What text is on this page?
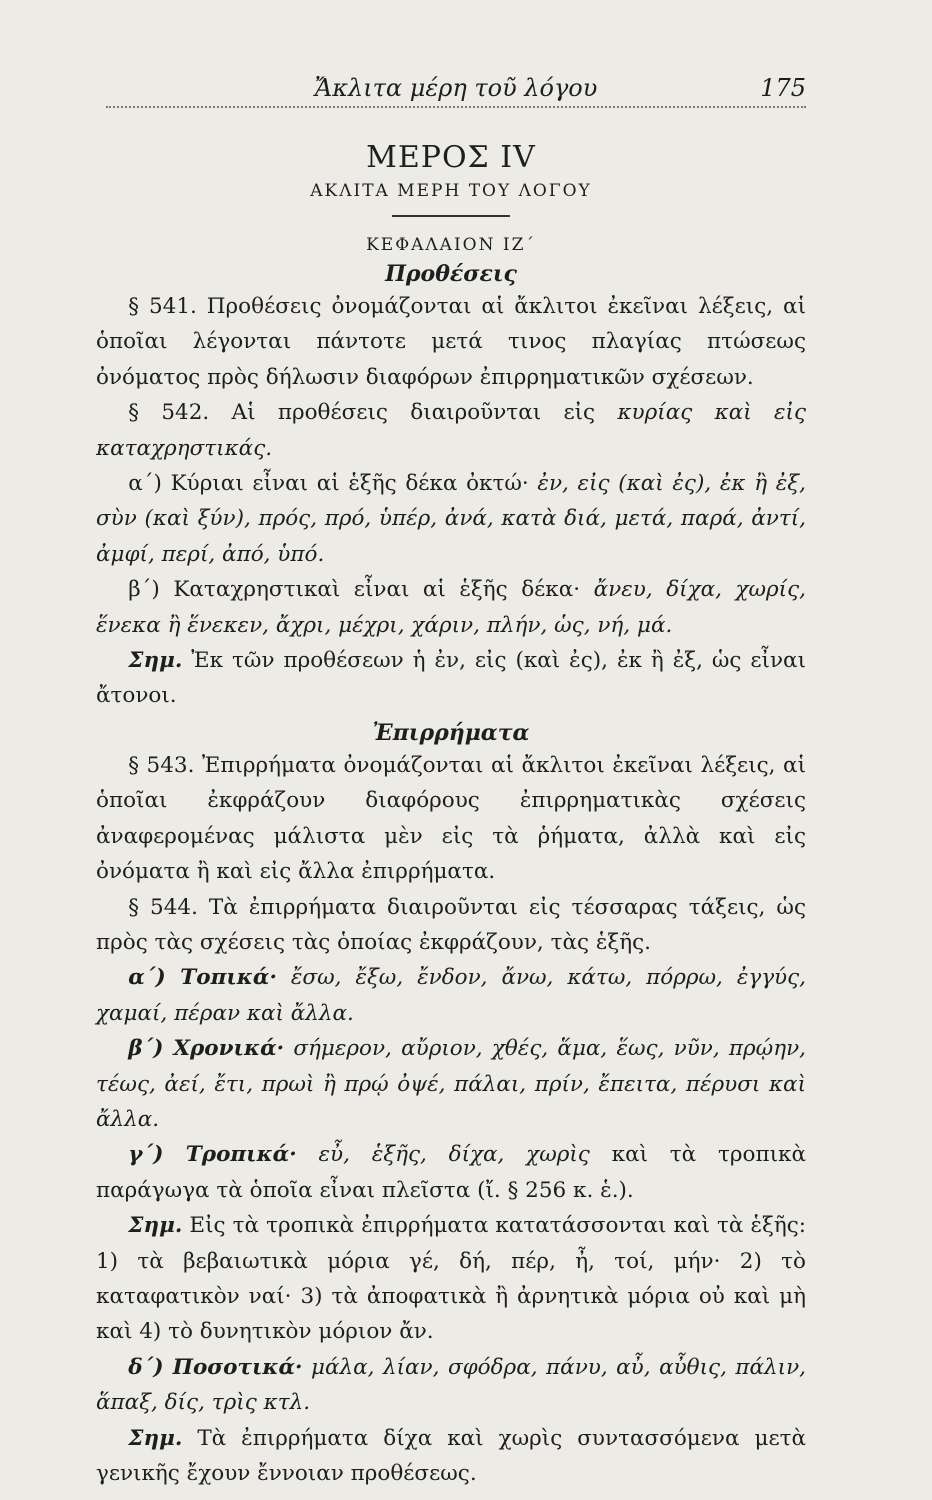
Ἄκλιτα μέρη τοῦ λόγου	175
ΜΕΡΟΣ IV
ΑΚΛΙΤΑ ΜΕΡΗ ΤΟΥ ΛΟΓΟΥ
ΚΕΦΑΛΑΙΟΝ ΙΖ΄
Προθέσεις

§ 541. Προθέσεις ὀνομάζονται αἱ ἄκλιτοι ἐκεῖναι λέξεις, αἱ ὁποῖαι λέγονται πάντοτε μετά τινος πλαγίας πτώσεως ὀνόματος πρὸς δήλωσιν διαφόρων ἐπιρρηματικῶν σχέσεων.

§ 542. Αἱ προθέσεις διαιροῦνται εἰς κυρίας καὶ εἰς καταχρηστικάς.

α΄) Κύριαι εἶναι αἱ ἑξῆς δέκα ὀκτώ· ἐν, εἰς (καὶ ἐς), ἐκ ἢ ἐξ, σὺν (καὶ ξύν), πρός, πρό, ὑπέρ, ἀνά, κατὰ διά, μετά, παρά, ἀντί, ἀμφί, περί, ἀπό, ὑπό.

β΄) Καταχρηστικαὶ εἶναι αἱ ἑξῆς δέκα· ἄνευ, δίχα, χωρίς, ἕνεκα ἢ ἕνεκεν, ἄχρι, μέχρι, χάριν, πλήν, ὡς, νή, μά.

Σημ. Ἐκ τῶν προθέσεων ἡ ἐν, εἰς (καὶ ἐς), ἐκ ἢ ἐξ, ὡς εἶναι ἄτονοι.

Ἐπιρρήματα

§ 543. Ἐπιρρήματα ὀνομάζονται αἱ ἄκλιτοι ἐκεῖναι λέξεις, αἱ ὁποῖαι ἐκφράζουν διαφόρους ἐπιρρηματικὰς σχέσεις ἀναφερομένας μάλιστα μὲν εἰς τὰ ῥήματα, ἀλλὰ καὶ εἰς ὀνόματα ἢ καὶ εἰς ἄλλα ἐπιρρήματα.

§ 544. Τὰ ἐπιρρήματα διαιροῦνται εἰς τέσσαρας τάξεις, ὡς πρὸς τὰς σχέσεις τὰς ὁποίας ἐκφράζουν, τὰς ἑξῆς.

α΄) Τοπικά· ἔσω, ἔξω, ἔνδον, ἄνω, κάτω, πόρρω, ἐγγύς, χαμαί, πέραν καὶ ἄλλα.

β΄) Χρονικά· σήμερον, αὔριον, χθές, ἅμα, ἕως, νῦν, πρῴην, τέως, ἀεί, ἔτι, πρωὶ ἢ πρῴ ὀψέ, πάλαι, πρίν, ἔπειτα, πέρυσι καὶ ἄλλα.

γ΄) Τροπικά· εὖ, ἑξῆς, δίχα, χωρὶς καὶ τὰ τροπικὰ παράγωγα τὰ ὁποῖα εἶναι πλεῖστα (ἴ. § 256 κ. ἑ.).

Σημ. Εἰς τὰ τροπικὰ ἐπιρρήματα κατατάσσονται καὶ τὰ ἑξῆς: 1) τὰ βεβαιωτικὰ μόρια γέ, δή, πέρ, ἦ, τοί, μήν· 2) τὸ καταφατικὸν ναί· 3) τὰ ἀποφατικὰ ἢ ἀρνητικὰ μόρια οὐ καὶ μὴ καὶ 4) τὸ δυνητικὸν μόριον ἄν.

δ΄) Ποσοτικά· μάλα, λίαν, σφόδρα, πάνυ, αὖ, αὖθις, πάλιν, ἅπαξ, δίς, τρὶς κτλ.

Σημ. Τὰ ἐπιρρήματα δίχα καὶ χωρὶς συντασσόμενα μετὰ γενικῆς ἔχουν ἔννοιαν προθέσεως.
